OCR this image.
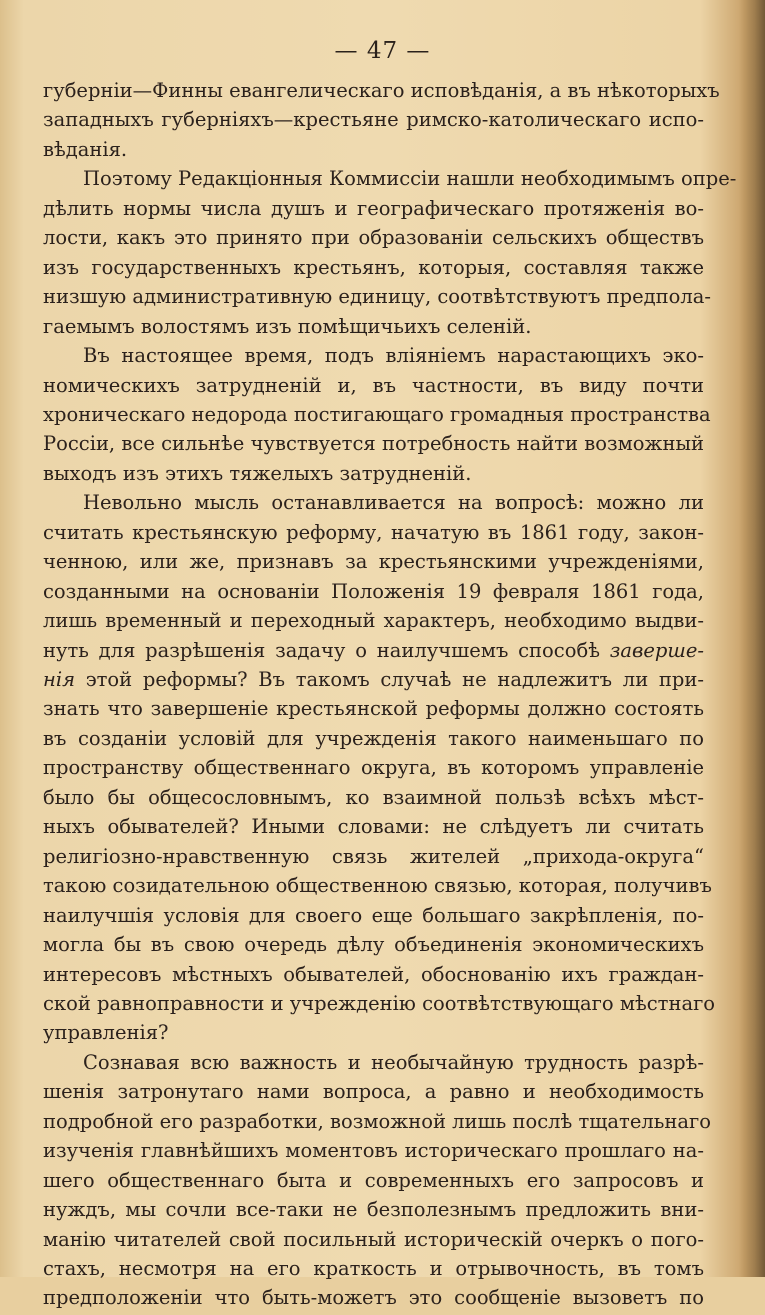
— 47 —
губерніи—Финны евангелическаго исповѣданія, а въ нѣкоторыхъ
западныхъ губерніяхъ—крестьяне римско-католическаго испо-
вѣданія.
Поэтому Редакціонныя Коммиссіи нашли необходимымъ опре-
дѣлить нормы числа душъ и географическаго протяженія во-
лости, какъ это принято при образованіи сельскихъ обществъ
изъ государственныхъ крестьянъ, которыя, составляя также
низшую административную единицу, соотвѣтствуютъ предпола-
гаемымъ волостямъ изъ помѣщичьихъ селеній.
Въ настоящее время, подъ вліяніемъ нарастающихъ эко-
номическихъ затрудненій и, въ частности, въ виду почти
хроническаго недорода постигающаго громадныя пространства
Россіи, все сильнѣе чувствуется потребность найти возможный
выходъ изъ этихъ тяжелыхъ затрудненій.
Невольно мысль останавливается на вопросѣ: можно ли
считать крестьянскую реформу, начатую въ 1861 году, закон-
ченною, или же, признавъ за крестьянскими учрежденіями,
созданными на основаніи Положенія 19 февраля 1861 года,
лишь временный и переходный характеръ, необходимо выдви-
нуть для разрѣшенія задачу о наилучшемъ способѣ заверше-
нія этой реформы? Въ такомъ случаѣ не надлежитъ ли при-
знать что завершеніе крестьянской реформы должно состоять
въ созданіи условій для учрежденія такого наименьшаго по
пространству общественнаго округа, въ которомъ управленіе
было бы общесословнымъ, ко взаимной пользѣ всѣхъ мѣст-
ныхъ обывателей? Иными словами: не слѣдуетъ ли считать
религіозно-нравственную связь жителей „прихода-округа“
такою созидательною общественною связью, которая, получивъ
наилучшія условія для своего еще большаго закрѣпленія, по-
могла бы въ свою очередь дѣлу объединенія экономическихъ
интересовъ мѣстныхъ обывателей, обоснованію ихъ граждан-
ской равноправности и учрежденію соотвѣтствующаго мѣстнаго
управленія?
Сознавая всю важность и необычайную трудность разрѣ-
шенія затронутаго нами вопроса, а равно и необходимость
подробной его разработки, возможной лишь послѣ тщательнаго
изученія главнѣйшихъ моментовъ историческаго прошлаго на-
шего общественнаго быта и современныхъ его запросовъ и
нуждъ, мы сочли все-таки не безполезнымъ предложить вни-
манію читателей свой посильный историческій очеркъ о пого-
стахъ, несмотря на его краткость и отрывочность, въ томъ
предположеніи что быть-можетъ это сообщеніе вызоветъ по
